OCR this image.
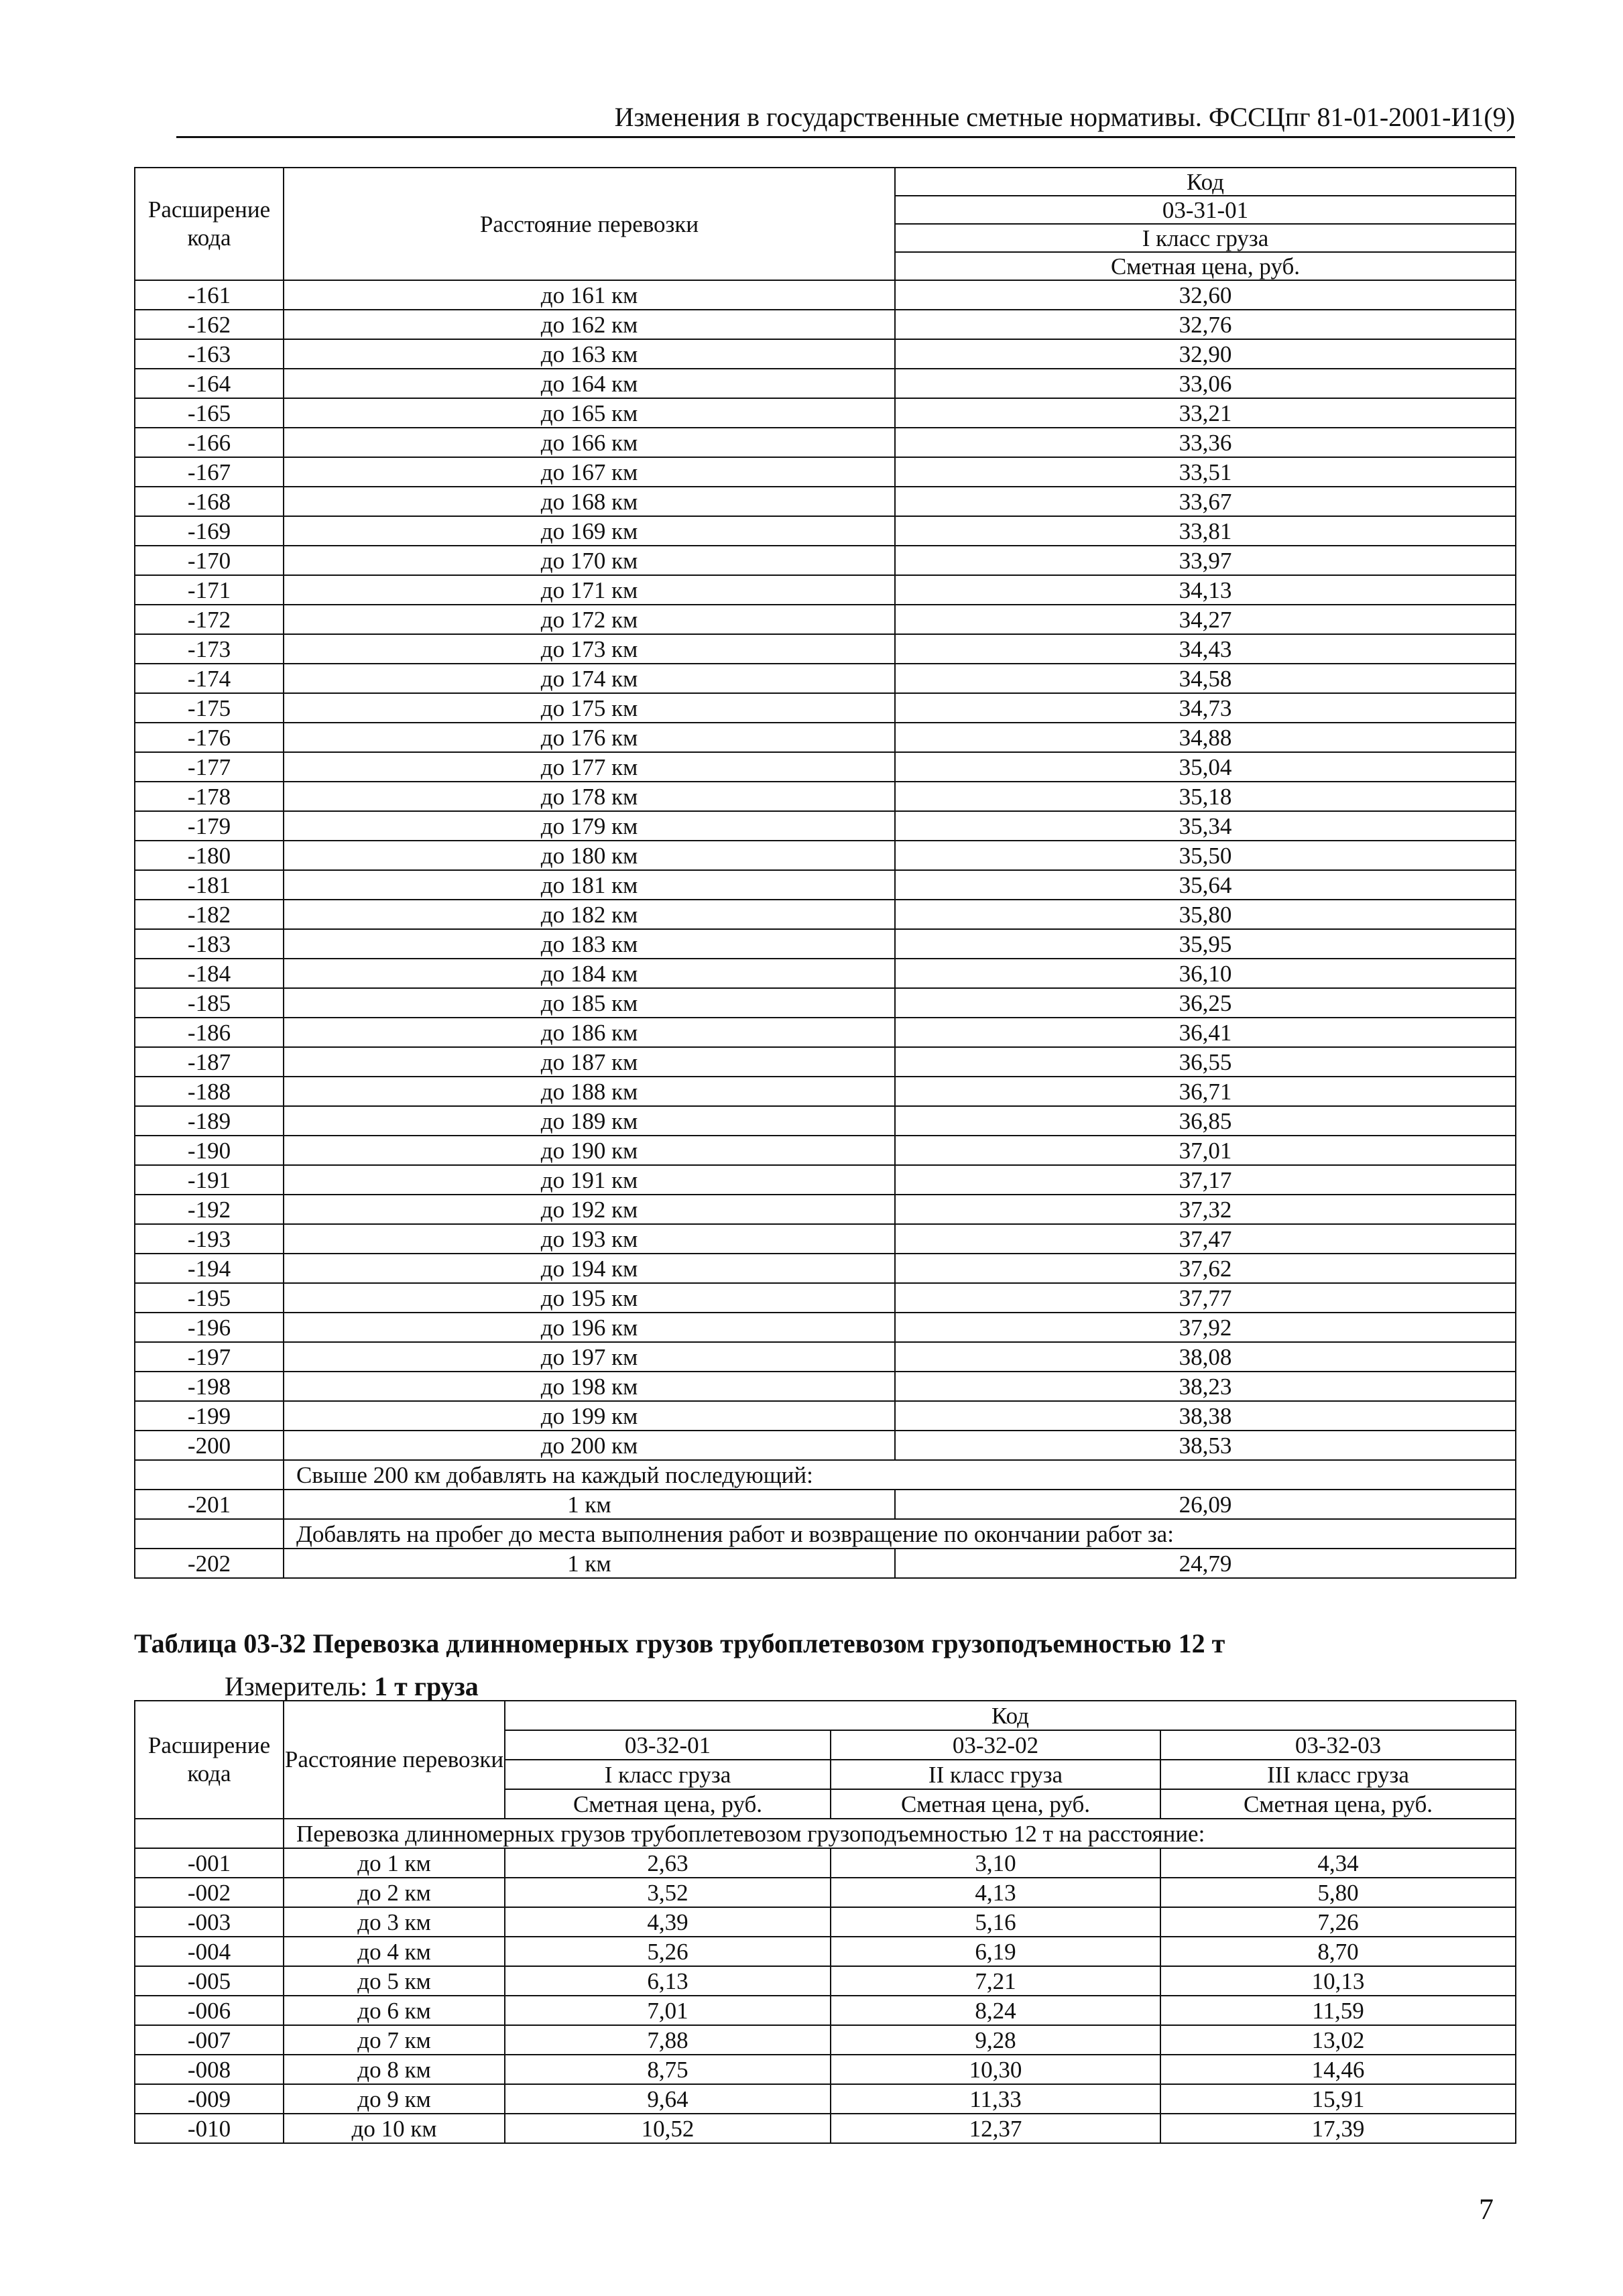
Изменения в государственные сметные нормативы. ФССЦпг 81-01-2001-И1(9)
Расширение кода	Расстояние перевозки	Код
		03-31-01
		I класс груза
		Сметная цена, руб.
-161	до 161 км	32,60
-162	до 162 км	32,76
-163	до 163 км	32,90
-164	до 164 км	33,06
-165	до 165 км	33,21
-166	до 166 км	33,36
-167	до 167 км	33,51
-168	до 168 км	33,67
-169	до 169 км	33,81
-170	до 170 км	33,97
-171	до 171 км	34,13
-172	до 172 км	34,27
-173	до 173 км	34,43
-174	до 174 км	34,58
-175	до 175 км	34,73
-176	до 176 км	34,88
-177	до 177 км	35,04
-178	до 178 км	35,18
-179	до 179 км	35,34
-180	до 180 км	35,50
-181	до 181 км	35,64
-182	до 182 км	35,80
-183	до 183 км	35,95
-184	до 184 км	36,10
-185	до 185 км	36,25
-186	до 186 км	36,41
-187	до 187 км	36,55
-188	до 188 км	36,71
-189	до 189 км	36,85
-190	до 190 км	37,01
-191	до 191 км	37,17
-192	до 192 км	37,32
-193	до 193 км	37,47
-194	до 194 км	37,62
-195	до 195 км	37,77
-196	до 196 км	37,92
-197	до 197 км	38,08
-198	до 198 км	38,23
-199	до 199 км	38,38
-200	до 200 км	38,53
	Свыше 200 км добавлять на каждый последующий:	
-201	1 км	26,09
	Добавлять на пробег до места выполнения работ и возвращение по окончании работ за:	
-202	1 км	24,79
Таблица 03-32 Перевозка длинномерных грузов трубоплетевозом грузоподъемностью 12 т
Измеритель: 1 т груза
Расширение кода	Расстояние перевозки	Код		
		03-32-01	03-32-02	03-32-03
		I класс груза	II класс груза	III класс груза
		Сметная цена, руб.	Сметная цена, руб.	Сметная цена, руб.
	Перевозка длинномерных грузов трубоплетевозом грузоподъемностью 12 т на расстояние:			
-001	до 1 км	2,63	3,10	4,34
-002	до 2 км	3,52	4,13	5,80
-003	до 3 км	4,39	5,16	7,26
-004	до 4 км	5,26	6,19	8,70
-005	до 5 км	6,13	7,21	10,13
-006	до 6 км	7,01	8,24	11,59
-007	до 7 км	7,88	9,28	13,02
-008	до 8 км	8,75	10,30	14,46
-009	до 9 км	9,64	11,33	15,91
-010	до 10 км	10,52	12,37	17,39
7
